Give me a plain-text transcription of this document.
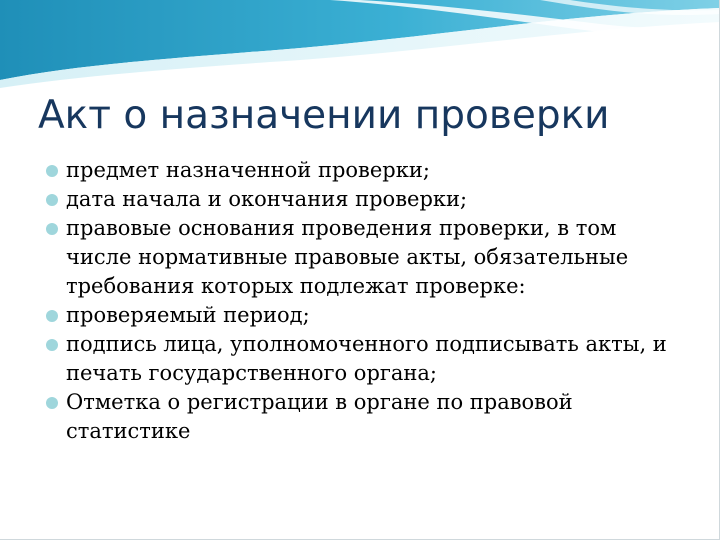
Акт о назначении проверки
предмет назначенной проверки;
дата начала и окончания проверки;
правовые основания проведения проверки, в том числе нормативные правовые акты, обязательные требования которых подлежат проверке:
проверяемый период;
подпись лица, уполномоченного подписывать акты, и печать государственного органа;
Отметка о регистрации в органе по правовой статистике
